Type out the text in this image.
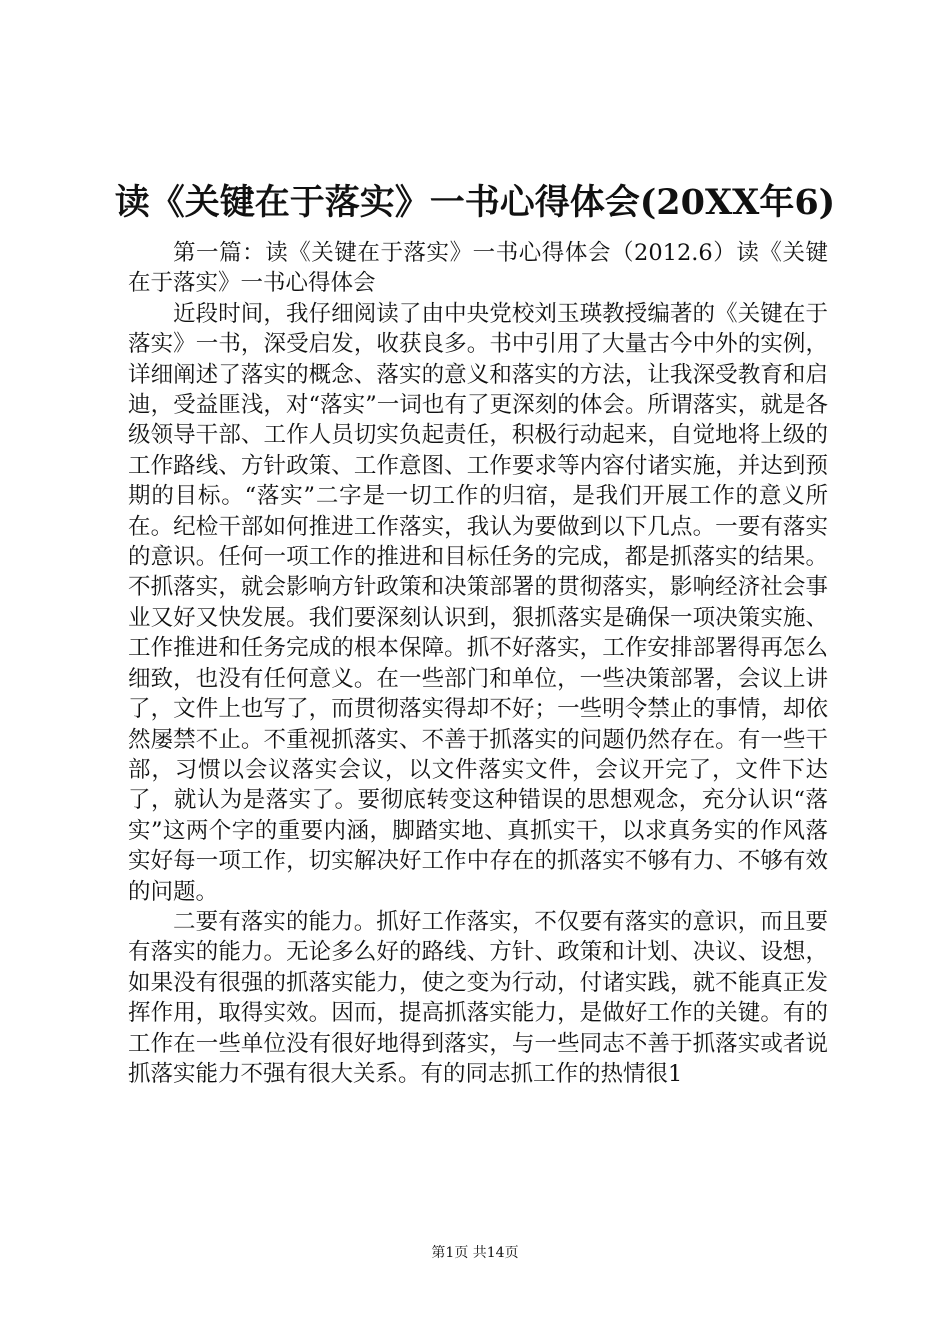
读《关键在于落实》一书心得体会(20XX年6)

第一篇：读《关键在于落实》一书心得体会（2012.6）读《关键在于落实》一书心得体会

近段时间，我仔细阅读了由中央党校刘玉瑛教授编著的《关键在于落实》一书，深受启发，收获良多。书中引用了大量古今中外的实例，详细阐述了落实的概念、落实的意义和落实的方法，让我深受教育和启迪，受益匪浅，对“落实”一词也有了更深刻的体会。所谓落实，就是各级领导干部、工作人员切实负起责任，积极行动起来，自觉地将上级的工作路线、方针政策、工作意图、工作要求等内容付诸实施，并达到预期的目标。“落实”二字是一切工作的归宿，是我们开展工作的意义所在。纪检干部如何推进工作落实，我认为要做到以下几点。一要有落实的意识。任何一项工作的推进和目标任务的完成，都是抓落实的结果。不抓落实，就会影响方针政策和决策部署的贯彻落实，影响经济社会事业又好又快发展。我们要深刻认识到，狠抓落实是确保一项决策实施、工作推进和任务完成的根本保障。抓不好落实，工作安排部署得再怎么细致，也没有任何意义。在一些部门和单位，一些决策部署，会议上讲了，文件上也写了，而贯彻落实得却不好；一些明令禁止的事情，却依然屡禁不止。不重视抓落实、不善于抓落实的问题仍然存在。有一些干部，习惯以会议落实会议，以文件落实文件，会议开完了，文件下达了，就认为是落实了。要彻底转变这种错误的思想观念，充分认识“落实”这两个字的重要内涵，脚踏实地、真抓实干，以求真务实的作风落实好每一项工作，切实解决好工作中存在的抓落实不够有力、不够有效的问题。

二要有落实的能力。抓好工作落实，不仅要有落实的意识，而且要有落实的能力。无论多么好的路线、方针、政策和计划、决议、设想，如果没有很强的抓落实能力，使之变为行动，付诸实践，就不能真正发挥作用，取得实效。因而，提高抓落实能力，是做好工作的关键。有的工作在一些单位没有很好地得到落实，与一些同志不善于抓落实或者说抓落实能力不强有很大关系。有的同志抓工作的热情很1

第1页 共14页
